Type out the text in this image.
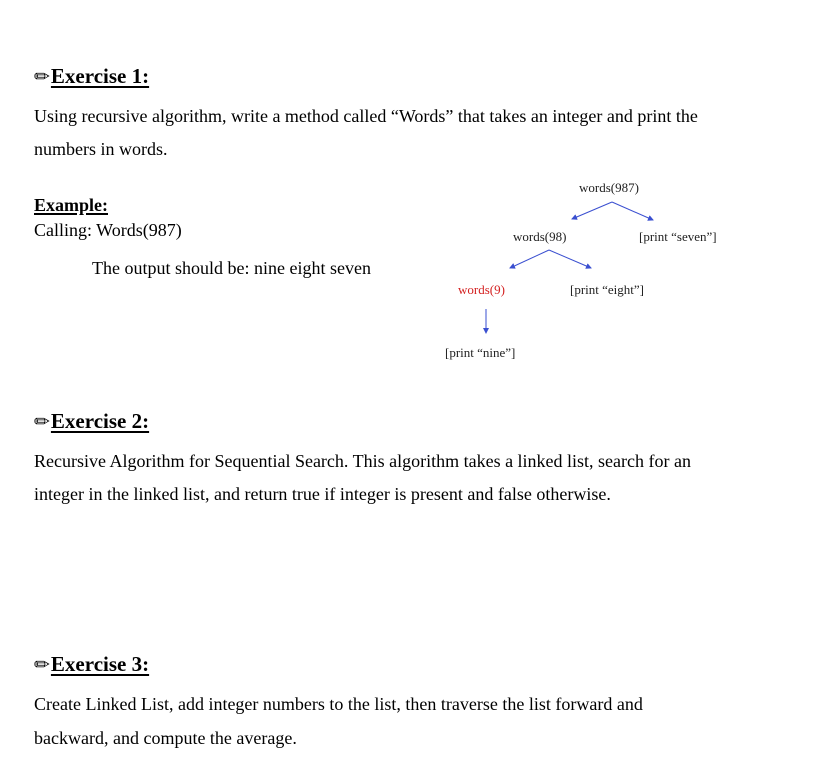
✏Exercise 1:
Using recursive algorithm, write a method called “Words” that takes an integer and print the
numbers in words.
Example:
Calling: Words(987)
The output should be: nine eight seven
words(987)
words(98)	[print “seven”]
words(9)	[print “eight”]
[print “nine”]
✏Exercise 2:
Recursive Algorithm for Sequential Search. This algorithm takes a linked list, search for an
integer in the linked list, and return true if integer is present and false otherwise.
✏Exercise 3:
Create Linked List, add integer numbers to the list, then traverse the list forward and
backward, and compute the average.
